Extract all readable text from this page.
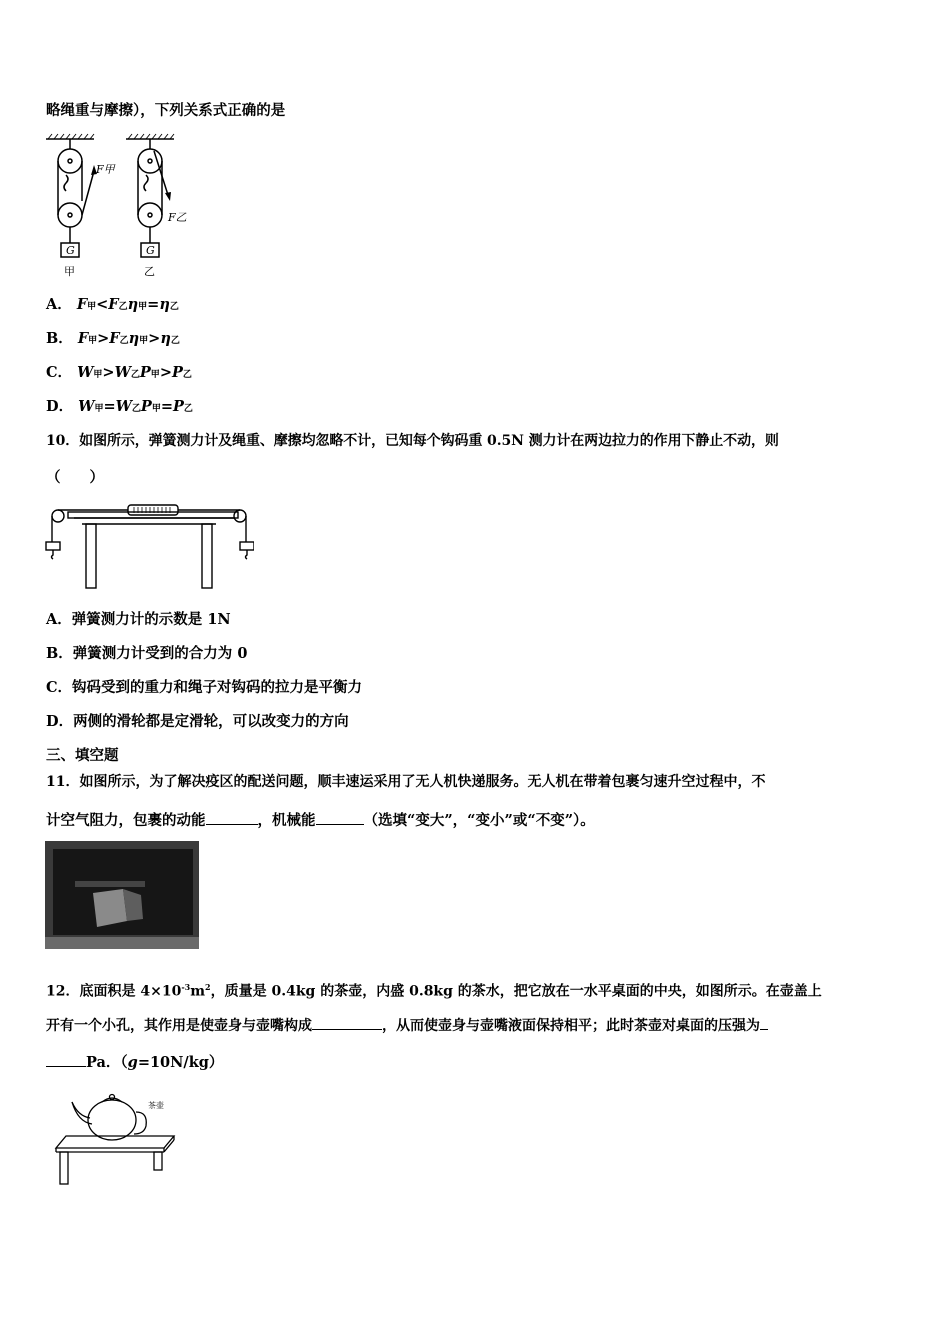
略绳重与摩擦），下列关系式正确的是
G
F甲
甲
G
F乙
乙
A． F甲<F乙η甲=η乙
B． F甲>F乙η甲>η乙
C． W甲>W乙P甲>P乙
D． W甲=W乙P甲=P乙
10．如图所示，弹簧测力计及绳重、摩擦均忽略不计，已知每个钩码重 0.5N 测力计在两边拉力的作用下静止不动，则
（　　）
A．弹簧测力计的示数是 1N
B．弹簧测力计受到的合力为 0
C．钩码受到的重力和绳子对钩码的拉力是平衡力
D．两侧的滑轮都是定滑轮，可以改变力的方向
三、填空题
11．如图所示，为了解决疫区的配送问题，顺丰速运采用了无人机快递服务。无人机在带着包裹匀速升空过程中，不
计空气阻力，包裹的动能	，机械能	（选填“变大”，“变小”或“不变”）。
12．底面积是 $4\times 10^{-3}m^2$，质量是 0.4kg 的茶壶，内盛 0.8kg 的茶水，把它放在一水平桌面的中央，如图所示。在壶盖上
开有一个小孔，其作用是使壶身与壶嘴构成	，从而使壶身与壶嘴液面保持相平；此时茶壶对桌面的压强为
Pa．（g=10N/kg）
茶壶
